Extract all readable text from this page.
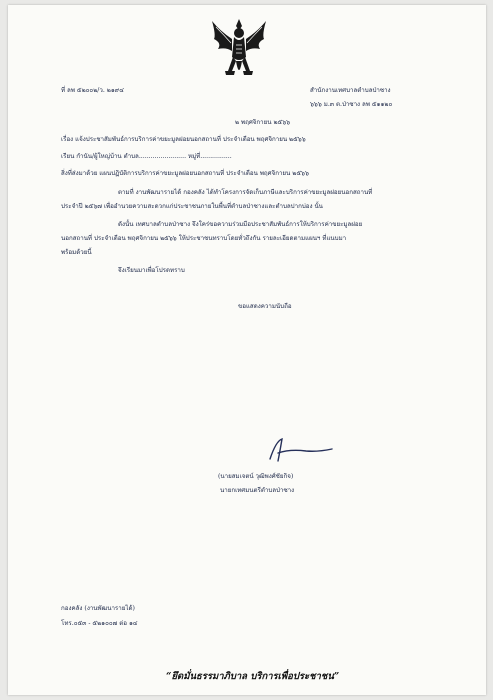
ที่ ลพ ๕๒๐๐๒/ว. ๒๑๙๔	สำนักงานเทศบาลตำบลป่าซาง
๖๖๖ ม.๓ ต.ป่าซาง ลพ ๕๑๑๒๐
๒ พฤศจิกายน ๒๕๖๖
เรื่อง แจ้งประชาสัมพันธ์การบริการค่าขยะมูลฝอยนอกสถานที่ ประจำเดือน พฤศจิกายน ๒๕๖๖
เรียน กำนัน/ผู้ใหญ่บ้าน ตำบล........................ หมู่ที่................
สิ่งที่ส่งมาด้วย แผนปฏิบัติการบริการค่าขยะมูลฝอยนอกสถานที่ ประจำเดือน พฤศจิกายน ๒๕๖๖
ตามที่ งานพัฒนารายได้ กองคลัง ได้ทำโครงการจัดเก็บภาษีและบริการค่าขยะมูลฝอยนอกสถานที่
ประจำปี ๒๕๖๗ เพื่ออำนวยความสะดวกแก่ประชาชนภายในพื้นที่ตำบลป่าซางและตำบลปากบ่อง นั้น
ดังนั้น เทศบาลตำบลป่าซาง จึงใคร่ขอความร่วมมือประชาสัมพันธ์การให้บริการค่าขยะมูลฝอย
นอกสถานที่ ประจำเดือน พฤศจิกายน ๒๕๖๖ ให้ประชาชนทราบโดยทั่วถึงกัน รายละเอียดตามแผนฯ ที่แนบมา
พร้อมด้วยนี้
จึงเรียนมาเพื่อโปรดทราบ
ขอแสดงความนับถือ
(นายสมเจตน์ วุฒิพงศ์ชัยกิจ)
นายกเทศมนตรีตำบลป่าซาง
กองคลัง (งานพัฒนารายได้)
โทร.๐๕๓ - ๕๒๑๐๐๗ ต่อ ๑๔
“ยึดมั่นธรรมาภิบาล บริการเพื่อประชาชน”
